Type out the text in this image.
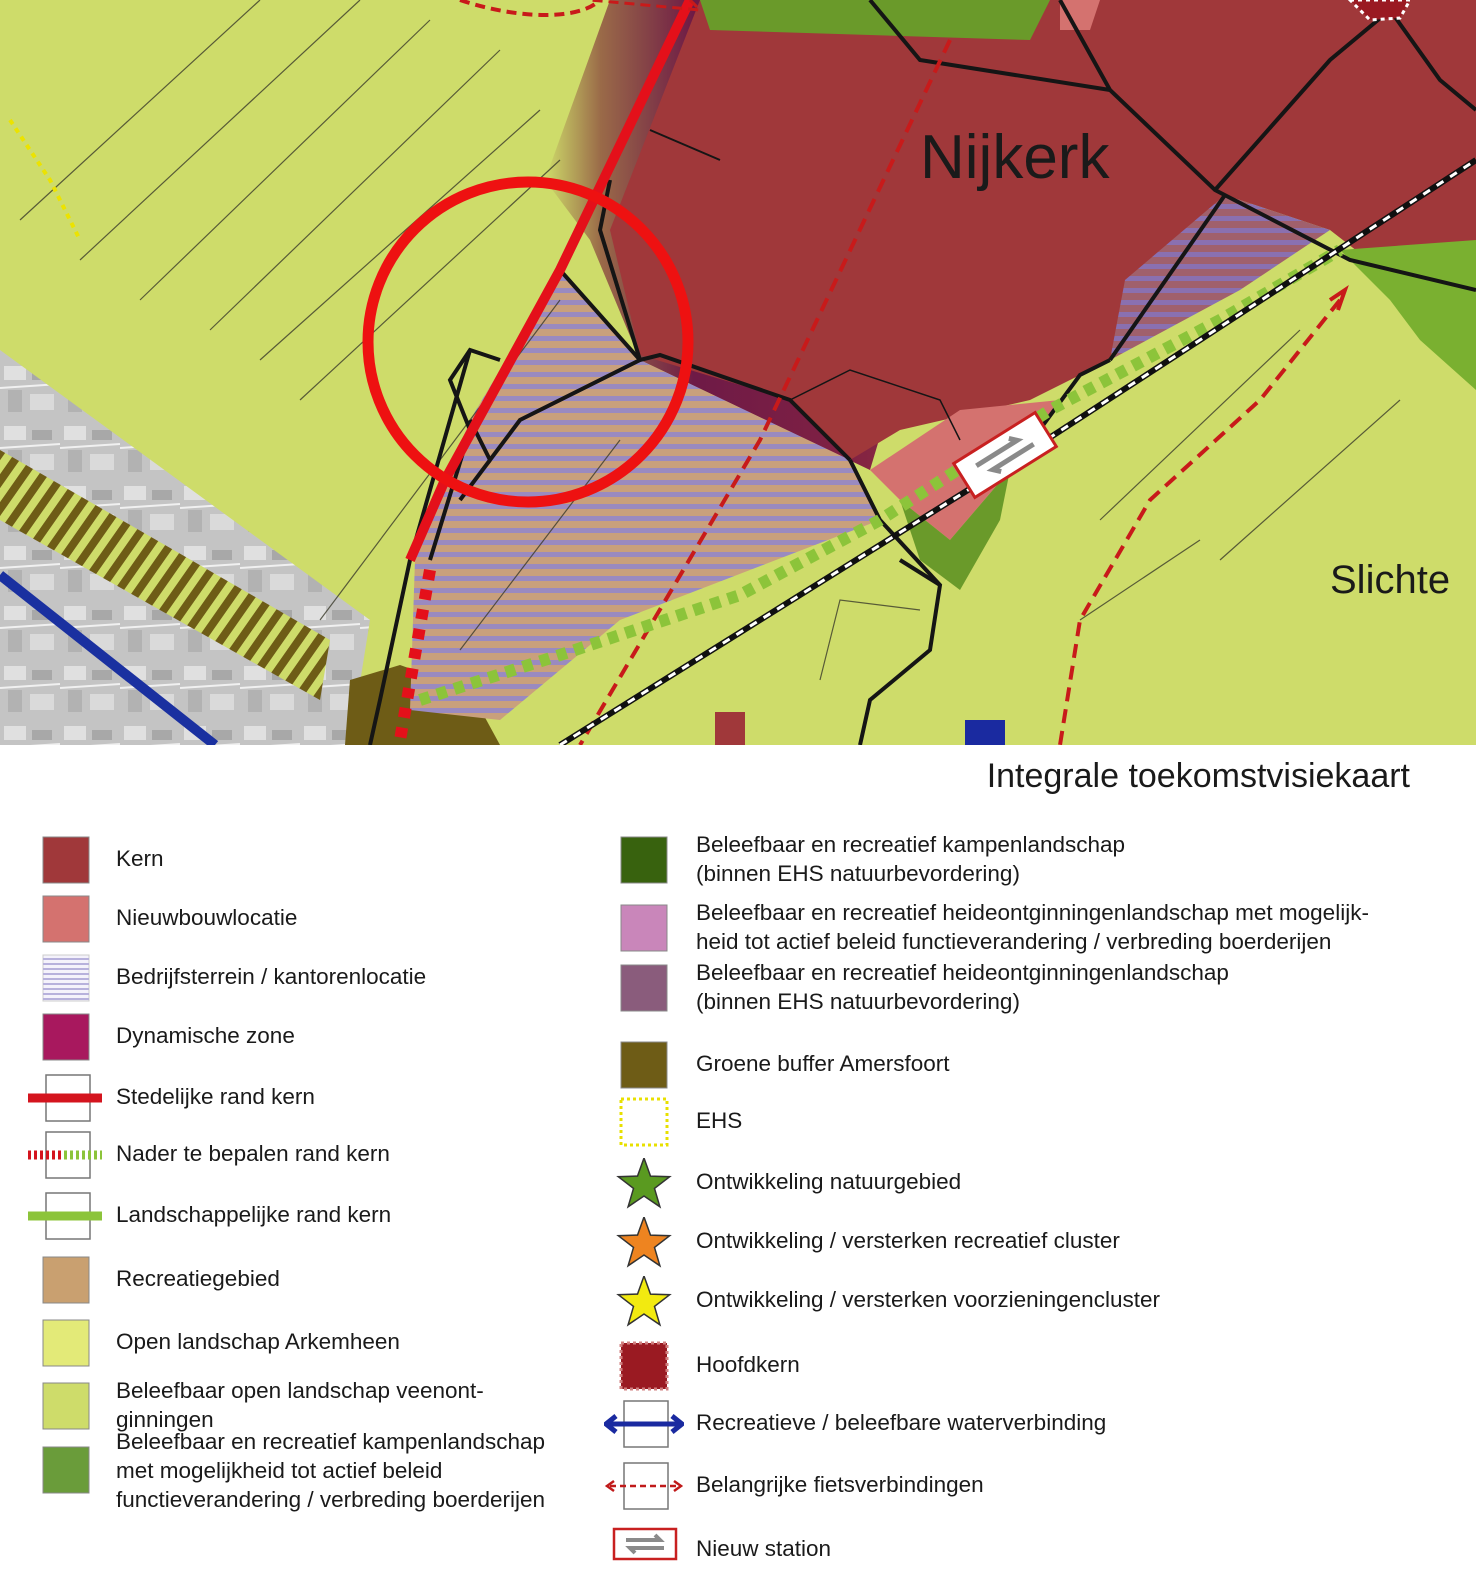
Nijkerk
Slichte
Integrale toekomstvisiekaart
Kern
Nieuwbouwlocatie
Bedrijfsterrein / kantorenlocatie
Dynamische zone
Stedelijke rand kern
Nader te bepalen rand kern
Landschappelijke rand kern
Recreatiegebied
Open landschap Arkemheen
Beleefbaar open landschap veenont-
ginningen
Beleefbaar en recreatief kampenlandschap
met mogelijkheid tot actief beleid
functieverandering / verbreding boerderijen
Beleefbaar en recreatief kampenlandschap
(binnen EHS natuurbevordering)
Beleefbaar en recreatief heideontginningenlandschap met mogelijk-
heid tot actief beleid functieverandering / verbreding boerderijen
Beleefbaar en recreatief heideontginningenlandschap
(binnen EHS natuurbevordering)
Groene buffer Amersfoort
EHS
Ontwikkeling natuurgebied
Ontwikkeling / versterken recreatief cluster
Ontwikkeling / versterken voorzieningencluster
Hoofdkern
Recreatieve / beleefbare waterverbinding
Belangrijke fietsverbindingen
Nieuw station
